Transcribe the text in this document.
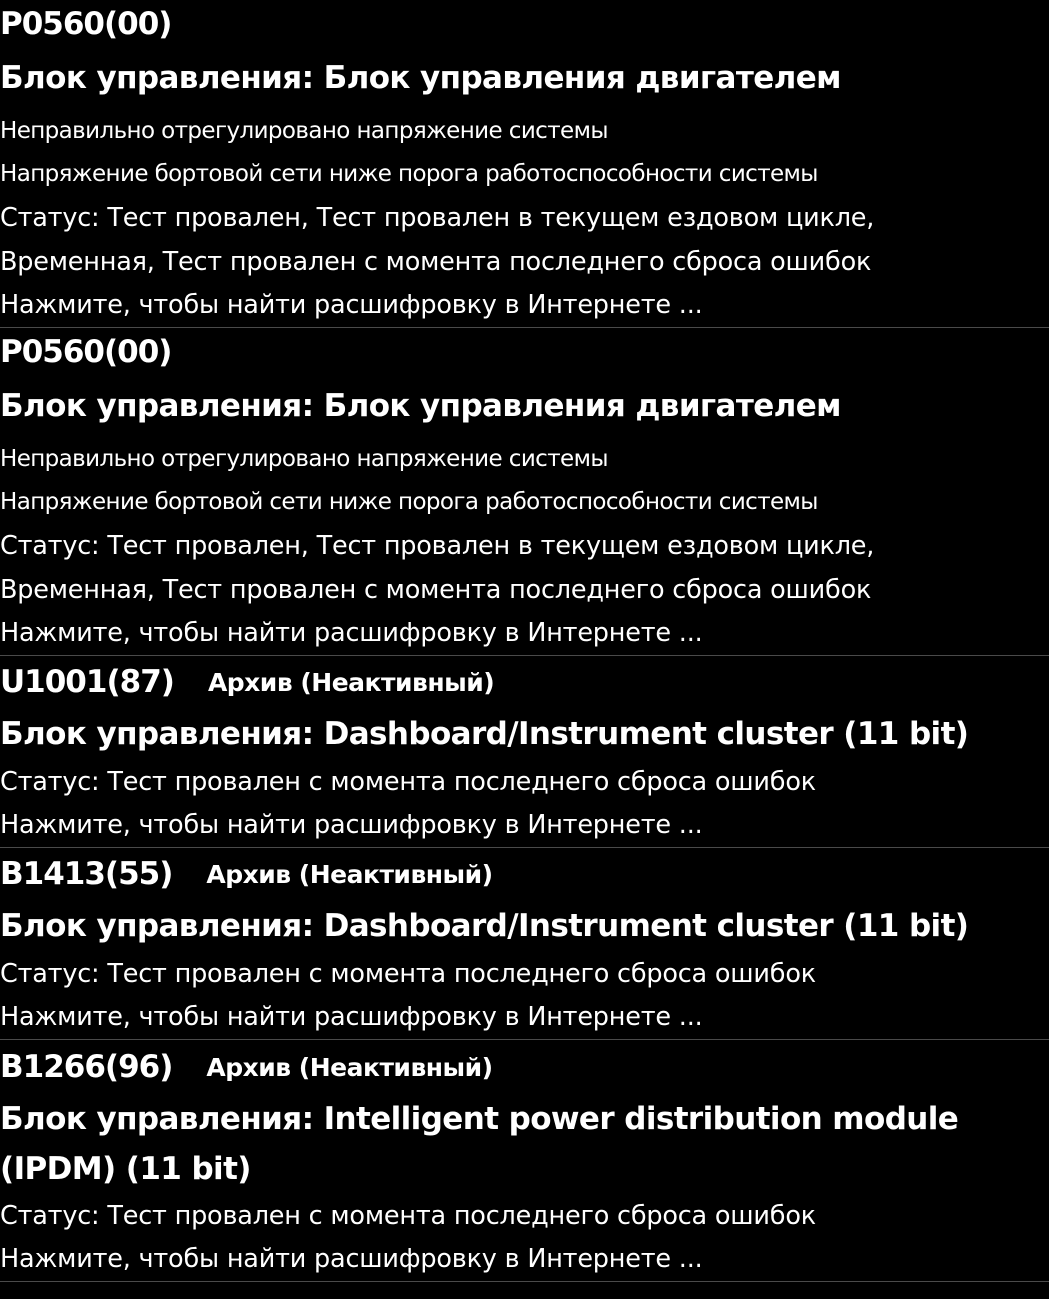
P0560(00)
Блок управления: Блок управления двигателем
Неправильно отрегулировано напряжение системы
Напряжение бортовой сети ниже порога работоспособности системы
Статус: Тест провален, Тест провален в текущем ездовом цикле,
Временная, Тест провален с момента последнего сброса ошибок
Нажмите, чтобы найти расшифровку в Интернете ...
P0560(00)
Блок управления: Блок управления двигателем
Неправильно отрегулировано напряжение системы
Напряжение бортовой сети ниже порога работоспособности системы
Статус: Тест провален, Тест провален в текущем ездовом цикле,
Временная, Тест провален с момента последнего сброса ошибок
Нажмите, чтобы найти расшифровку в Интернете ...
U1001(87) Архив (Неактивный)
Блок управления: Dashboard/Instrument cluster (11 bit)
Статус: Тест провален с момента последнего сброса ошибок
Нажмите, чтобы найти расшифровку в Интернете ...
B1413(55) Архив (Неактивный)
Блок управления: Dashboard/Instrument cluster (11 bit)
Статус: Тест провален с момента последнего сброса ошибок
Нажмите, чтобы найти расшифровку в Интернете ...
B1266(96) Архив (Неактивный)
Блок управления: Intelligent power distribution module (IPDM) (11 bit)
Статус: Тест провален с момента последнего сброса ошибок
Нажмите, чтобы найти расшифровку в Интернете ...
